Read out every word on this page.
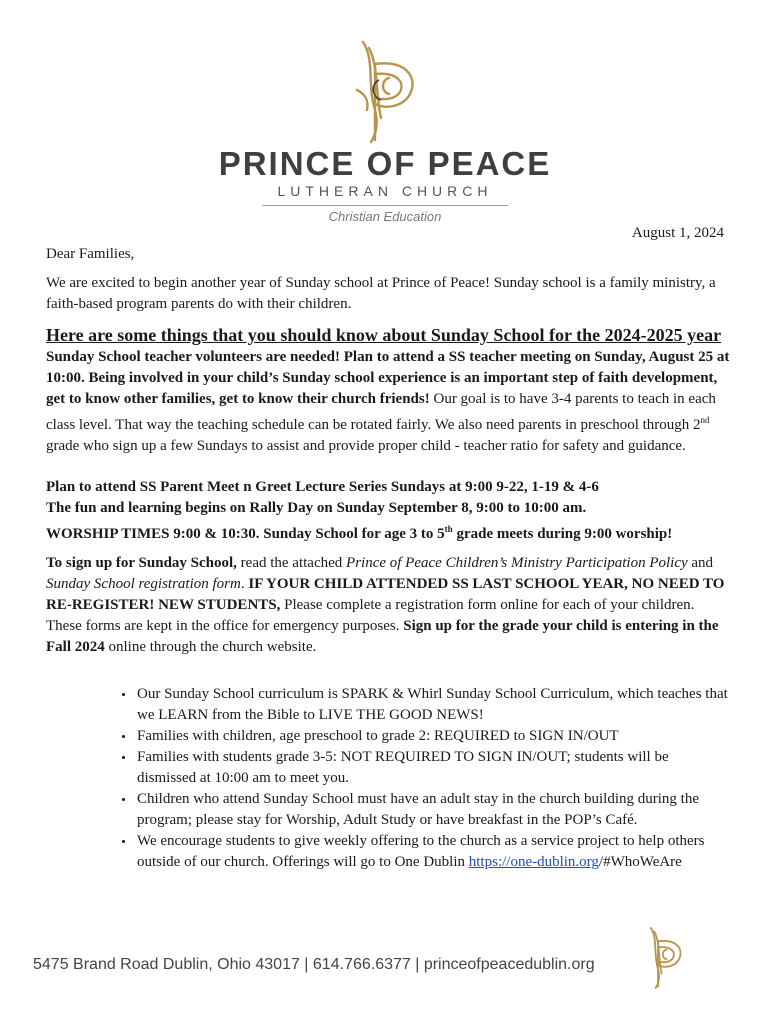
PRINCE OF PEACE
LUTHERAN CHURCH
Christian Education
August 1, 2024

Dear Families,

We are excited to begin another year of Sunday school at Prince of Peace! Sunday school is a family ministry, a faith-based program parents do with their children.

Here are some things that you should know about Sunday School for the 2024-2025 year

Sunday School teacher volunteers are needed! Plan to attend a SS teacher meeting on Sunday, August 25 at 10:00. Being involved in your child’s Sunday school experience is an important step of faith development, get to know other families, get to know their church friends! Our goal is to have 3-4 parents to teach in each class level. That way the teaching schedule can be rotated fairly. We also need parents in preschool through 2nd grade who sign up a few Sundays to assist and provide proper child - teacher ratio for safety and guidance.

Plan to attend SS Parent Meet n Greet Lecture Series Sundays at 9:00 9-22, 1-19 & 4-6
The fun and learning begins on Rally Day on Sunday September 8, 9:00 to 10:00 am.
WORSHIP TIMES 9:00 & 10:30. Sunday School for age 3 to 5th grade meets during 9:00 worship!

To sign up for Sunday School, read the attached Prince of Peace Children’s Ministry Participation Policy and Sunday School registration form. IF YOUR CHILD ATTENDED SS LAST SCHOOL YEAR, NO NEED TO RE-REGISTER! NEW STUDENTS, Please complete a registration form online for each of your children. These forms are kept in the office for emergency purposes. Sign up for the grade your child is entering in the Fall 2024 online through the church website.

• Our Sunday School curriculum is SPARK & Whirl Sunday School Curriculum, which teaches that we LEARN from the Bible to LIVE THE GOOD NEWS!
• Families with children, age preschool to grade 2: REQUIRED to SIGN IN/OUT
• Families with students grade 3-5: NOT REQUIRED TO SIGN IN/OUT; students will be dismissed at 10:00 am to meet you.
• Children who attend Sunday School must have an adult stay in the church building during the program; please stay for Worship, Adult Study or have breakfast in the POP’s Café.
• We encourage students to give weekly offering to the church as a service project to help others outside of our church. Offerings will go to One Dublin https://one-dublin.org/#WhoWeAre
5475 Brand Road Dublin, Ohio 43017 | 614.766.6377 | princeofpeacedublin.org
